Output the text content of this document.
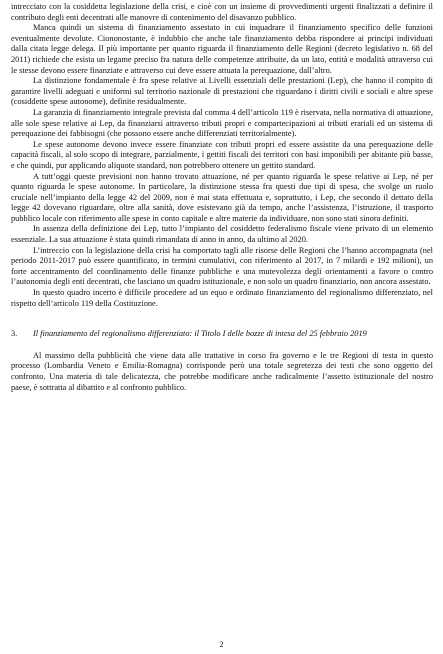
intrecciato con la cosiddetta legislazione della crisi, e cioè con un insieme di provvedimenti urgenti finalizzati a definire il contributo degli enti decentrati alle manovre di contenimento del disavanzo pubblico.

Manca quindi un sistema di finanziamento assestato in cui inquadrare il finanziamento specifico delle funzioni eventualmente devolute. Ciononostante, è indubbio che anche tale finanziamento debba rispondere ai principi individuati dalla citata legge delega. Il più importante per quanto riguarda il finanziamento delle Regioni (decreto legislativo n. 68 del 2011) richiede che esista un legame preciso fra natura delle competenze attribuite, da un lato, entità e modalità attraverso cui le stesse devono essere finanziate e attraverso cui deve essere attuata la perequazione, dall’altro.

La distinzione fondamentale è fra spese relative ai Livelli essenziali delle prestazioni (Lep), che hanno il compito di garantire livelli adeguati e uniformi sul territorio nazionale di prestazioni che riguardano i diritti civili e sociali e altre spese (cosiddette spese autonome), definite residualmente.

La garanzia di finanziamento integrale prevista dal comma 4 dell’articolo 119 è riservata, nella normativa di attuazione, alle sole spese relative ai Lep, da finanziarsi attraverso tributi propri e compartecipazioni ai tributi erariali ed un sistema di perequazione dei fabbisogni (che possono essere anche differenziati territorialmente).

Le spese autonome devono invece essere finanziate con tributi propri ed essere assistite da una perequazione delle capacità fiscali, al solo scopo di integrare, parzialmente, i gettiti fiscali dei territori con basi imponibili per abitante più basse, e che quindi, pur applicando aliquote standard, non potrebbero ottenere un gettito standard.

A tutt’oggi queste previsioni non hanno trovato attuazione, né per quanto riguarda le spese relative ai Lep, né per quanto riguarda le spese autonome. In particolare, la distinzione stessa fra questi due tipi di spesa, che svolge un ruolo cruciale nell’impianto della legge 42 del 2009, non è mai stata effettuata e, soprattutto, i Lep, che secondo il dettato della legge 42 dovevano riguardare, oltre alla sanità, dove esistevano già da tempo, anche l’assistenza, l’istruzione, il trasporto pubblico locale con riferimento alle spese in conto capitale e altre materie da individuare, non sono stati sinora definiti.

In assenza della definizione dei Lep, tutto l’impianto del cosiddetto federalismo fiscale viene privato di un elemento essenziale. La sua attuazione è stata quindi rimandata di anno in anno, da ultimo al 2020.

L’intreccio con la legislazione della crisi ha comportato tagli alle risorse delle Regioni che l’hanno accompagnata (nel periodo 2011-2017 può essere quantificato, in termini cumulativi, con riferimento al 2017, in 7 milardi e 192 milioni), un forte accentramento del coordinamento delle finanze pubbliche e una mutevolezza degli orientamenti a favore o contro l’autonomia degli enti decentrati, che lasciano un quadro istituzionale, e non solo un quadro finanziario, non ancora assestato.

In questo quadro incerto è difficile procedere ad un equo e ordinato finanziamento del regionalismo differenziato, nel rispetto dell’articolo 119 della Costituzione.

3.	Il finanziamento del regionalismo differenziato: il Titolo I delle bozze di intesa del 25 febbraio 2019

Al massimo della pubblicità che viene data alle trattative in corso fra governo e le tre Regioni di testa in questo processo (Lombardia Veneto e Emilia-Romagna) corrisponde però una totale segretezza dei testi che sono oggetto del confronto. Una materia di tale delicatezza, che potrebbe modificare anche radicalmente l’assetto istituzionale del nostro paese, è sottratta al dibattito e al confronto pubblico.

2
